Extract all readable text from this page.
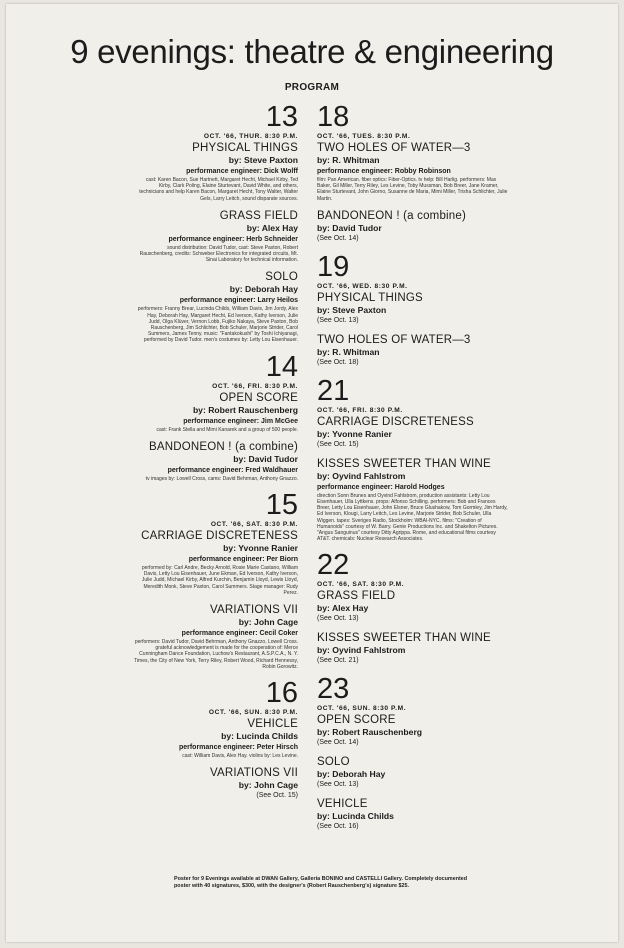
9 evenings: theatre & engineering
PROGRAM
13
OCT. '66, THUR. 8:30 P.M.
PHYSICAL THINGS
by: Steve Paxton
performance engineer: Dick Wolff
cast: Karen Bacon, Sue Hartnett, Margaret Hecht, Michael Kirby, Ted Kirby, Clark Poling, Elaine Sturtevant, David White, and others, technicians and help Karen Bacon, Margaret Hecht, Tony Walter, Walter Gels, Larry Leitch, sound disparate sources.
GRASS FIELD
by: Alex Hay
performance engineer: Herb Schneider
sound distribution: David Tudor, cast: Steve Paxton, Robert Rauschenberg, credits: Schweber Electronics for integrated circuits, Mt. Sinai Laboratory for technical information.
SOLO
by: Deborah Hay
performance engineer: Larry Heilos
performers: Franny Brear, Lucinda Childs, William Davis, Jim Jordy, Alex Hay, Deborah Hay, Margaret Hecht, Ed Iverson, Kathy Iverson, Julie Judd, Olga Klüver, Vernon Lobb, Fujiko Nakaya, Steve Paxton, Bob Rauschenberg, Jim Schlichter, Bob Schuler, Marjorie Strider, Carol Summers, James Tenny. music: "Fantakokushi" by Toshi Ichiyanagi, performed by David Tudor. men's costumes by: Letty Lou Eisenhauer.
14
OCT. '66, FRI. 8:30 P.M.
OPEN SCORE
by: Robert Rauschenberg
performance engineer: Jim McGee
cast: Frank Stella and Mimi Kanarek and a group of 500 people.
BANDONEON ! (a combine)
by: David Tudor
performance engineer: Fred Waldhauer
tv images by: Lowell Cross, cams: David Behrman, Anthony Gnazzo.
15
OCT. '66, SAT. 8:30 P.M.
CARRIAGE DISCRETENESS
by: Yvonne Ranier
performance engineer: Per Biorn
performed by: Carl Andre, Becky Arnold, Rosie Marie Castano, William Davis, Letty Lou Eisenhauer, June Ekman, Ed Iverson, Kathy Iverson, Julie Judd, Michael Kirby, Alfred Kurchin, Benjamin Lloyd, Lewis Lloyd, Meredith Monk, Steve Paxton, Carol Summers. Stage manager: Rudy Perez.
VARIATIONS VII
by: John Cage
performance engineer: Cecil Coker
performers: David Tudor, David Behrman, Anthony Gnazzo, Lowell Cross. grateful acknowledgement is made for the cooperation of: Merce Cunningham Dance Foundation, Luchow's Restaurant, A.S.P.C.A., N. Y. Times, the City of New York, Terry Riley, Robert Wood, Richard Hennessy, Robin Gorowitz.
16
OCT. '66, SUN. 8:30 P.M.
VEHICLE
by: Lucinda Childs
performance engineer: Peter Hirsch
cast: William Davis, Alex Hay. violins by: Les Levine.
VARIATIONS VII
by: John Cage
(See Oct. 15)
18
OCT. '66, TUES. 8:30 P.M.
TWO HOLES OF WATER—3
by: R. Whitman
performance engineer: Robby Robinson
film: Pan American. fiber optics: Fiber-Optics. tv help: Bill Harlig. performers: Max Baker, Gil Miller, Terry Riley, Les Levine, Toby Mussman, Bob Breer, Jane Kramer, Elaine Sturtevant, John Giorno, Susanne de Maria, Mimi Miller, Trisha Schlichter, Julie Martin.
BANDONEON ! (a combine)
by: David Tudor
(See Oct. 14)
19
OCT. '66, WED. 8:30 P.M.
PHYSICAL THINGS
by: Steve Paxton
(See Oct. 13)
TWO HOLES OF WATER—3
by: R. Whitman
(See Oct. 18)
21
OCT. '66, FRI. 8:30 P.M.
CARRIAGE DISCRETENESS
by: Yvonne Ranier
(See Oct. 15)
KISSES SWEETER THAN WINE
by: Oyvind Fahlstrom
performance engineer: Harold Hodges
direction Sonn Brunes and Oyvind Fahlstrom, production assistants: Letty Lou Eisenhauer, Ulla Lyttkens. props: Alfonso Schilling. performers: Bob and Frances Breer, Letty Lou Eisenhauer, John Elsner, Bruce Glushakow, Tom Gormley, Jim Hardy, Ed Iverson, Klougi, Larry Leitch, Les Levine, Marjorie Strider, Bob Schuler, Ulla Wiggen. tapes: Sveriges Radio, Stockholm: WBAI-NYC. films: "Creation of Humanoids" courtesy of W. Barry. Genie Productions Inc. and Shakelton Pictures. "Angus Sanguinus" courtesy Ditty Agrippa. Rome, and educational films courtesy AT&T. chemicals: Nuclear Research Associates.
22
OCT. '66, SAT. 8:30 P.M.
GRASS FIELD
by: Alex Hay
(See Oct. 13)
KISSES SWEETER THAN WINE
by: Oyvind Fahlstrom
(See Oct. 21)
23
OCT. '66, SUN. 8:30 P.M.
OPEN SCORE
by: Robert Rauschenberg
(See Oct. 14)
SOLO
by: Deborah Hay
(See Oct. 13)
VEHICLE
by: Lucinda Childs
(See Oct. 16)
Poster for 9 Evenings available at DWAN Gallery, Galleria BONINO and CASTELLI Gallery. Completely documented poster with 40 signatures, $300, with the designer's (Robert Rauschenberg's) signature $25.
